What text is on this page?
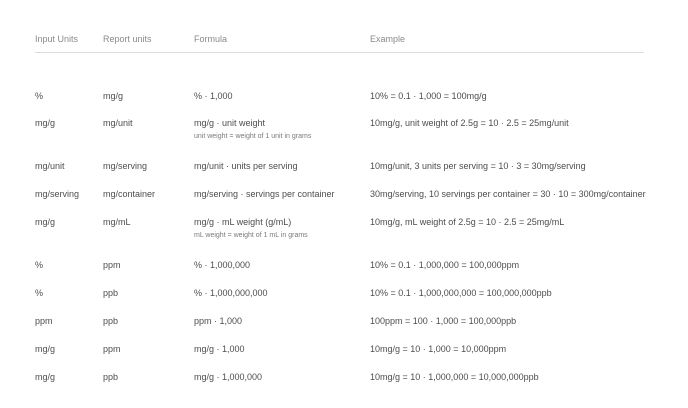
Input Units	Report units	Formula	Example
%	mg/g	% · 1,000	10% = 0.1 · 1,000 = 100mg/g
mg/g	mg/unit	mg/g · unit weight	10mg/g, unit weight of 2.5g = 10 · 2.5 = 25mg/unit
unit weight = weight of 1 unit in grams
mg/unit	mg/serving	mg/unit · units per serving	10mg/unit, 3 units per serving = 10 · 3 = 30mg/serving
mg/serving	mg/container	mg/serving · servings per container	30mg/serving, 10 servings per container = 30 · 10 = 300mg/container
mg/g	mg/mL	mg/g · mL weight (g/mL)	10mg/g, mL weight of 2.5g = 10 · 2.5 = 25mg/mL
mL weight = weight of 1 mL in grams
%	ppm	% · 1,000,000	10% = 0.1 · 1,000,000 = 100,000ppm
%	ppb	% · 1,000,000,000	10% = 0.1 · 1,000,000,000 = 100,000,000ppb
ppm	ppb	ppm · 1,000	100ppm = 100 · 1,000 = 100,000ppb
mg/g	ppm	mg/g · 1,000	10mg/g = 10 · 1,000 = 10,000ppm
mg/g	ppb	mg/g · 1,000,000	10mg/g = 10 · 1,000,000 = 10,000,000ppb
